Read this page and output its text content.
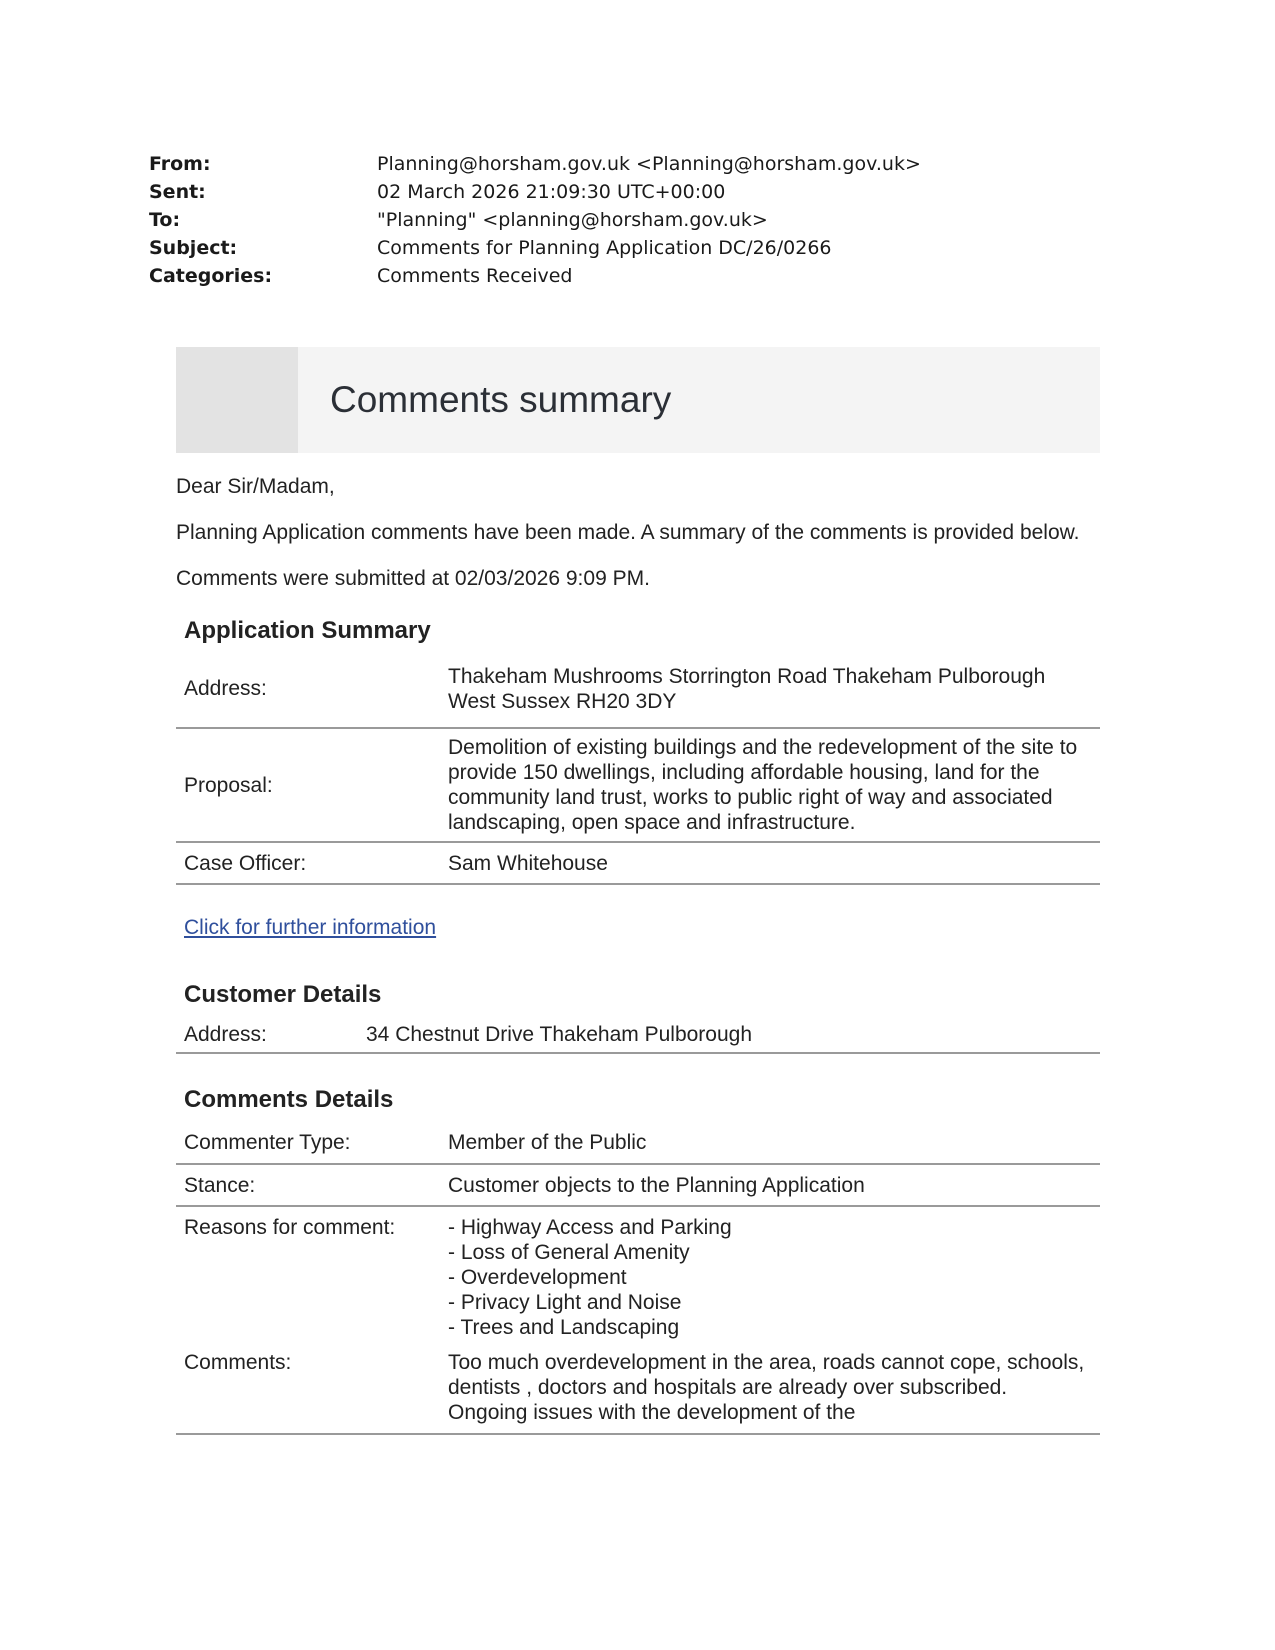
From:	Planning@horsham.gov.uk <Planning@horsham.gov.uk>
Sent:	02 March 2026 21:09:30 UTC+00:00
To:	"Planning" <planning@horsham.gov.uk>
Subject:	Comments for Planning Application DC/26/0266
Categories:	Comments Received
Comments summary

Dear Sir/Madam,

Planning Application comments have been made. A summary of the comments is provided below.

Comments were submitted at 02/03/2026 9:09 PM.

Application Summary
Address:	Thakeham Mushrooms Storrington Road Thakeham Pulborough West Sussex RH20 3DY
Proposal:	Demolition of existing buildings and the redevelopment of the site to provide 150 dwellings, including affordable housing, land for the community land trust, works to public right of way and associated landscaping, open space and infrastructure.
Case Officer:	Sam Whitehouse
Click for further information
Customer Details
Address:	34 Chestnut Drive Thakeham Pulborough
Comments Details
Commenter Type:	Member of the Public
Stance:	Customer objects to the Planning Application
Reasons for comment:	- Highway Access and Parking
- Loss of General Amenity
- Overdevelopment
- Privacy Light and Noise
- Trees and Landscaping

Comments:	Too much overdevelopment in the area, roads cannot cope, schools, dentists , doctors and hospitals are already over subscribed. Ongoing issues with the development of the
